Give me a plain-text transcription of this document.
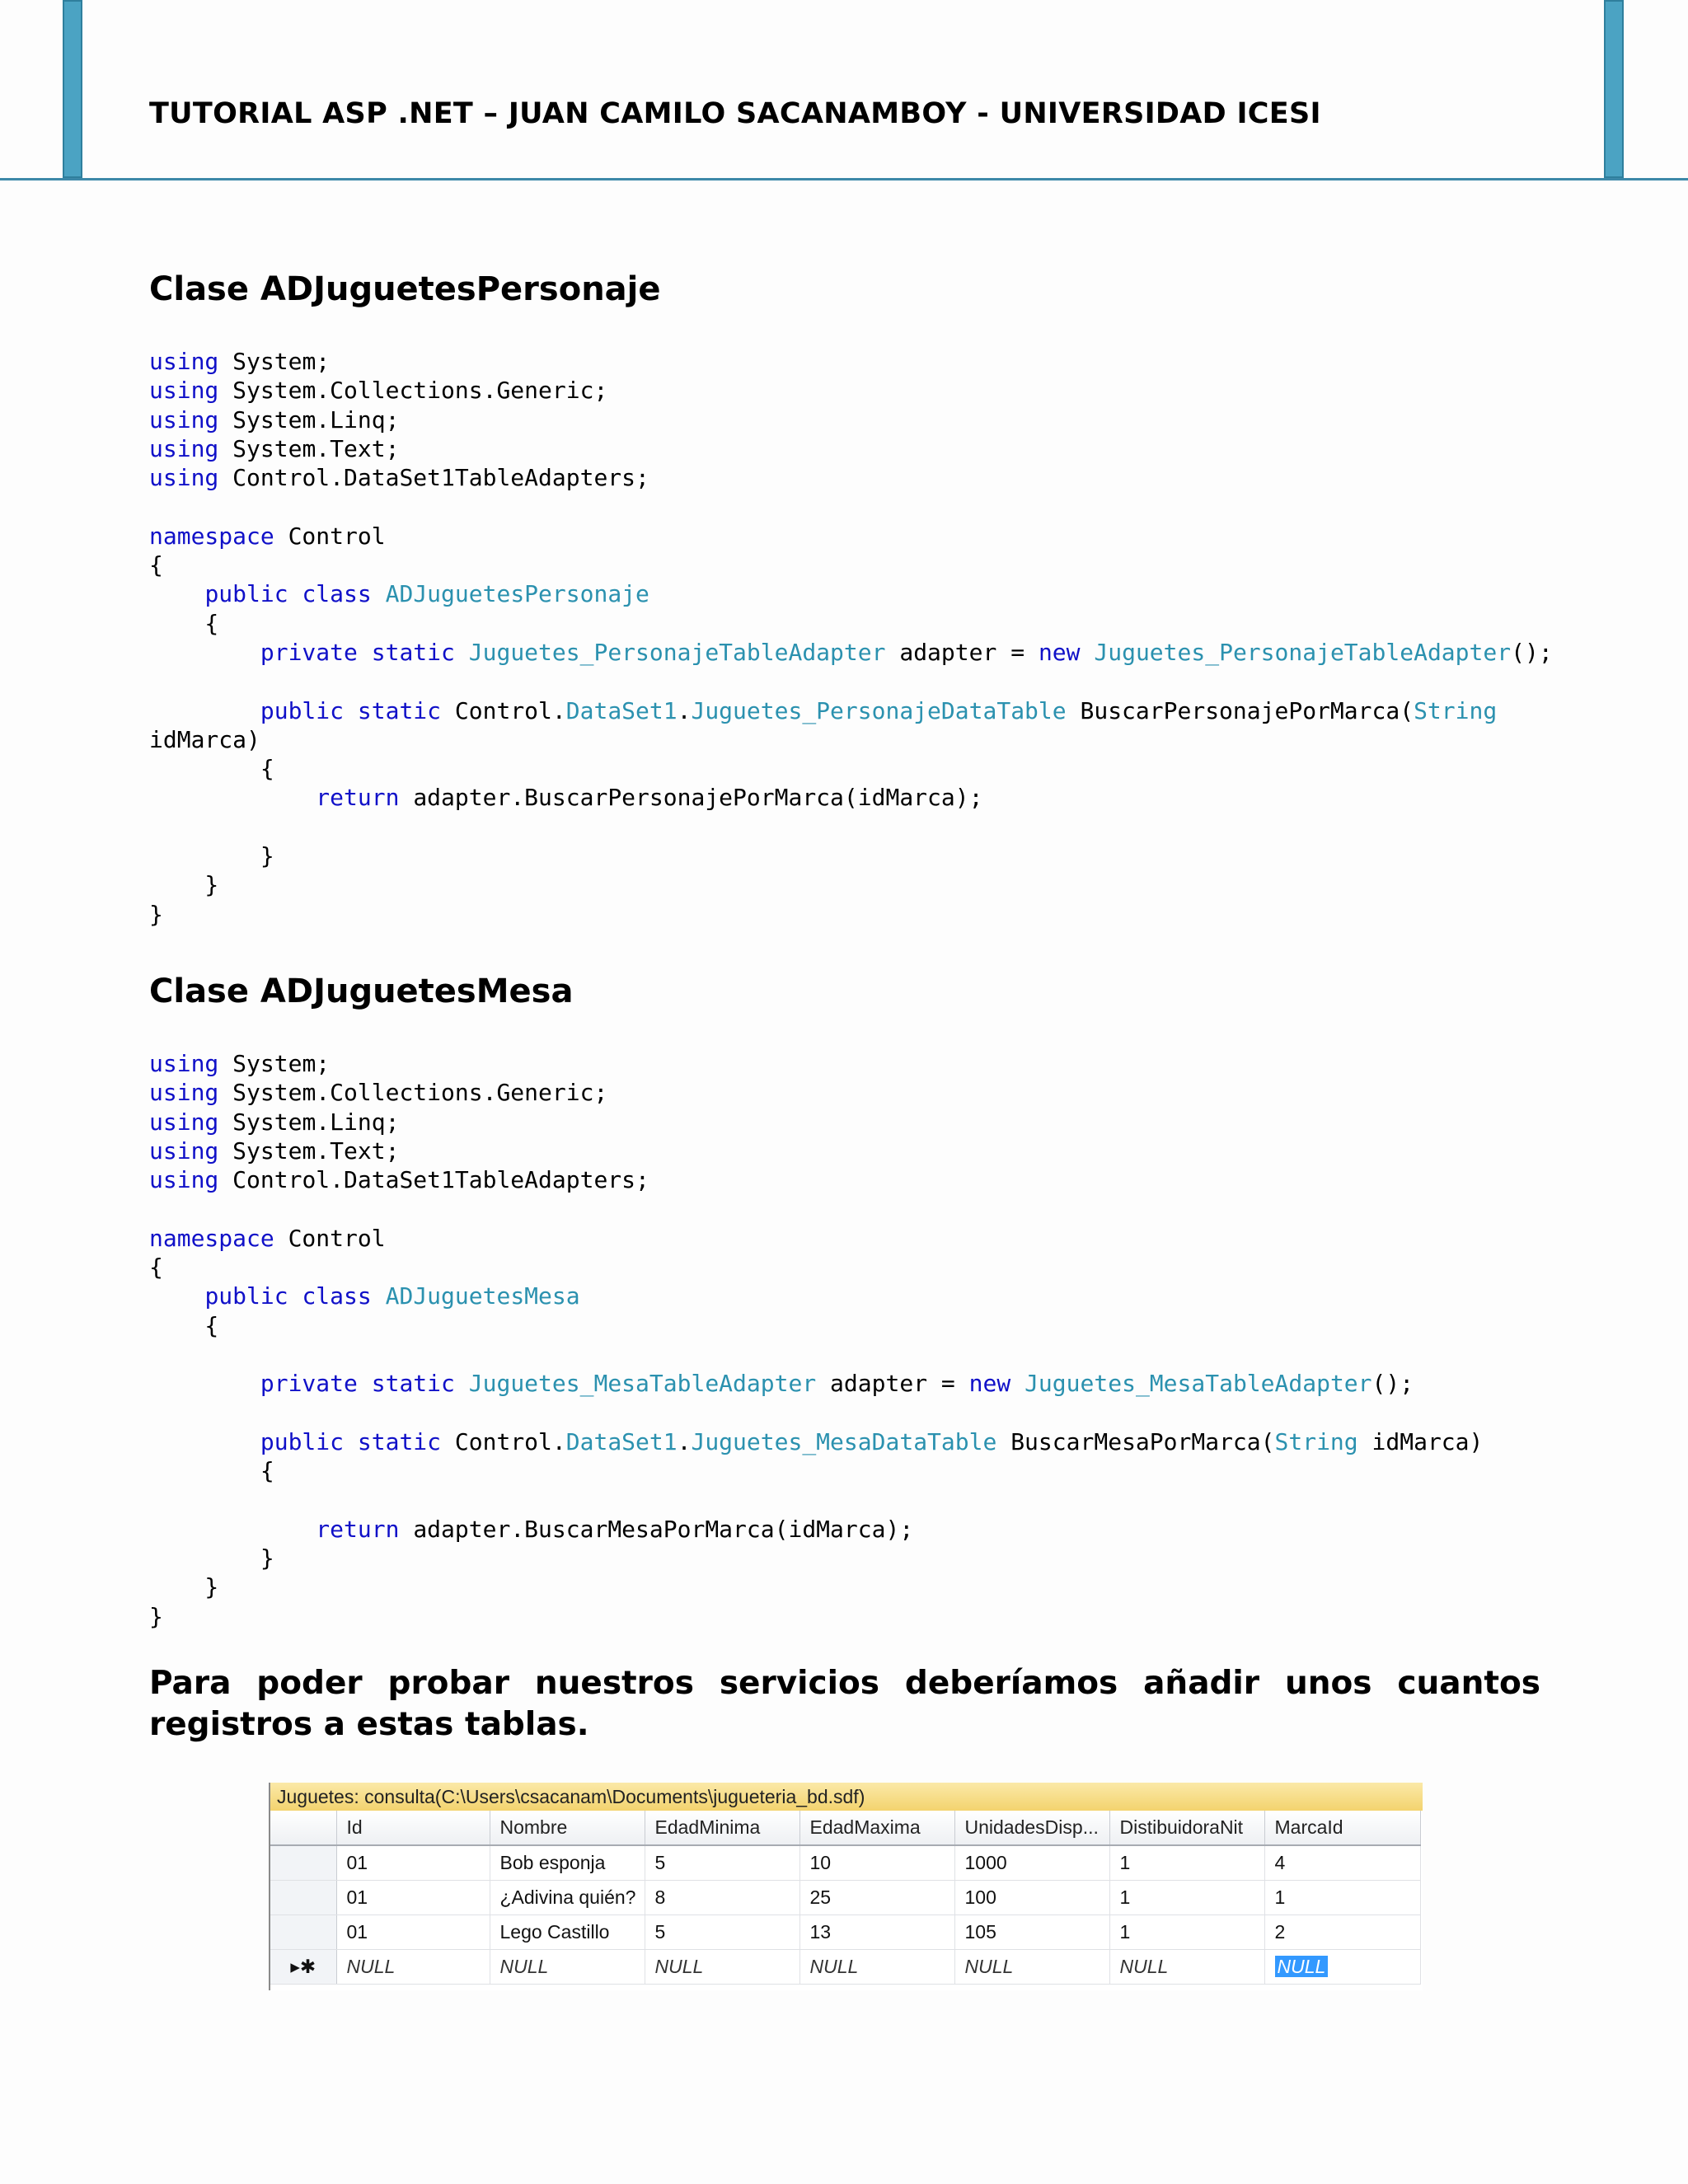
TUTORIAL ASP .NET – JUAN CAMILO SACANAMBOY - UNIVERSIDAD ICESI
Clase ADJuguetesPersonaje
using System;
using System.Collections.Generic;
using System.Linq;
using System.Text;
using Control.DataSet1TableAdapters;

namespace Control
{
public class ADJuguetesPersonaje
{
private static Juguetes_PersonajeTableAdapter adapter = new Juguetes_PersonajeTableAdapter();

public static Control.DataSet1.Juguetes_PersonajeDataTable BuscarPersonajePorMarca(String
idMarca)
{
return adapter.BuscarPersonajePorMarca(idMarca);

}
}
}
Clase ADJuguetesMesa
using System;
using System.Collections.Generic;
using System.Linq;
using System.Text;
using Control.DataSet1TableAdapters;

namespace Control
{
public class ADJuguetesMesa
{

private static Juguetes_MesaTableAdapter adapter = new Juguetes_MesaTableAdapter();

public static Control.DataSet1.Juguetes_MesaDataTable BuscarMesaPorMarca(String idMarca)
{

return adapter.BuscarMesaPorMarca(idMarca);
}
}
}
Para poder probar nuestros servicios deberíamos añadir unos cuantos registros a estas tablas.
Juguetes: consulta(C:\Users\csacanam\Documents\jugueteria_bd.sdf)
	Id	Nombre	EdadMinima	EdadMaxima	UnidadesDisp...	DistibuidoraNit	MarcaId
	01	Bob esponja	5	10	1000	1	4
	01	¿Adivina quién?	8	25	100	1	1
	01	Lego Castillo	5	13	105	1	2
▸✱	NULL	NULL	NULL	NULL	NULL	NULL	NULL
